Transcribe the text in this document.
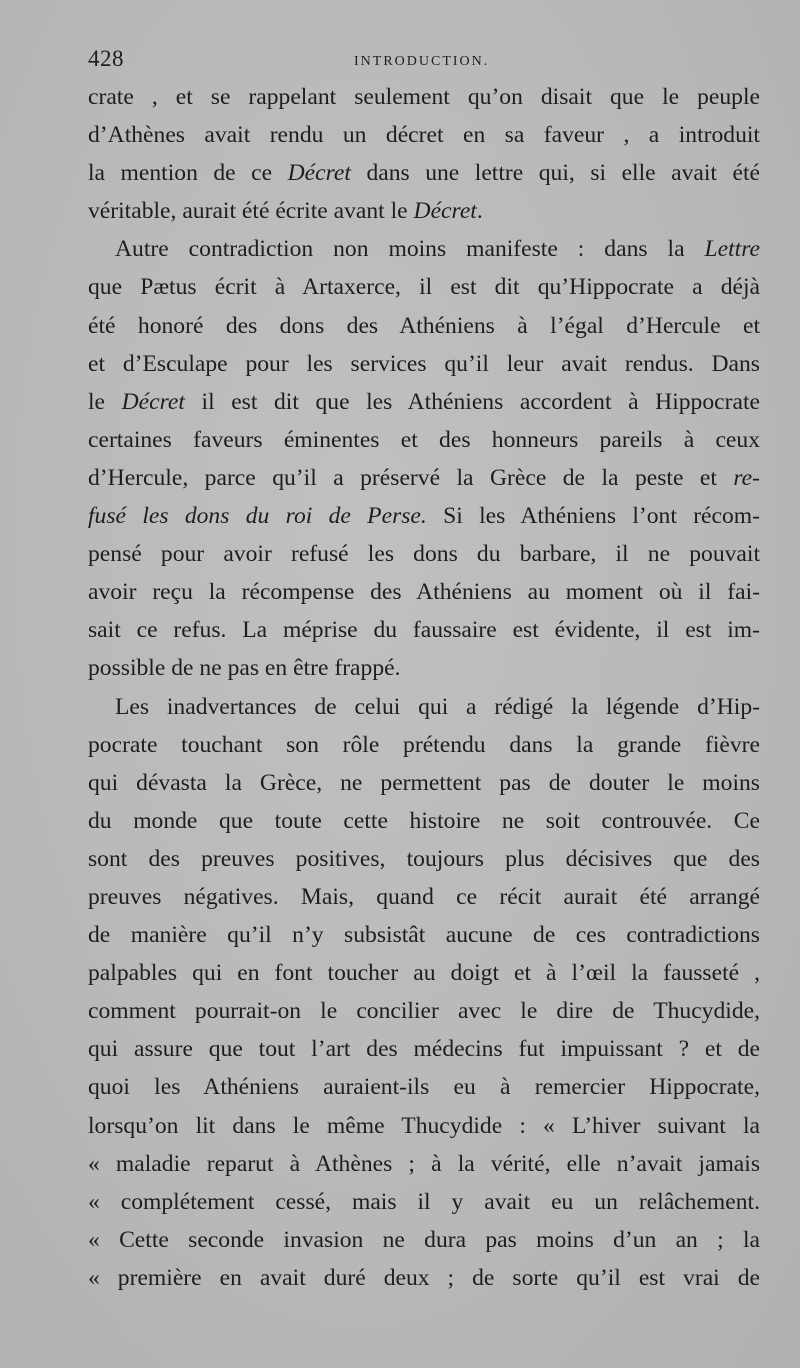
428	INTRODUCTION.
crate , et se rappelant seulement qu’on disait que le peuple
d’Athènes avait rendu un décret en sa faveur , a introduit
la mention de ce Décret dans une lettre qui, si elle avait été
véritable, aurait été écrite avant le Décret.
Autre contradiction non moins manifeste : dans la Lettre
que Pætus écrit à Artaxerce, il est dit qu’Hippocrate a déjà
été honoré des dons des Athéniens à l’égal d’Hercule et
et d’Esculape pour les services qu’il leur avait rendus. Dans
le Décret il est dit que les Athéniens accordent à Hippocrate
certaines faveurs éminentes et des honneurs pareils à ceux
d’Hercule, parce qu’il a préservé la Grèce de la peste et re-
fusé les dons du roi de Perse. Si les Athéniens l’ont récom-
pensé pour avoir refusé les dons du barbare, il ne pouvait
avoir reçu la récompense des Athéniens au moment où il fai-
sait ce refus. La méprise du faussaire est évidente, il est im-
possible de ne pas en être frappé.
Les inadvertances de celui qui a rédigé la légende d’Hip-
pocrate touchant son rôle prétendu dans la grande fièvre
qui dévasta la Grèce, ne permettent pas de douter le moins
du monde que toute cette histoire ne soit controuvée. Ce
sont des preuves positives, toujours plus décisives que des
preuves négatives. Mais, quand ce récit aurait été arrangé
de manière qu’il n’y subsistât aucune de ces contradictions
palpables qui en font toucher au doigt et à l’œil la fausseté ,
comment pourrait-on le concilier avec le dire de Thucydide,
qui assure que tout l’art des médecins fut impuissant ? et de
quoi les Athéniens auraient-ils eu à remercier Hippocrate,
lorsqu’on lit dans le même Thucydide : « L’hiver suivant la
« maladie reparut à Athènes ; à la vérité, elle n’avait jamais
« complétement cessé, mais il y avait eu un relâchement.
« Cette seconde invasion ne dura pas moins d’un an ; la
« première en avait duré deux ; de sorte qu’il est vrai de
